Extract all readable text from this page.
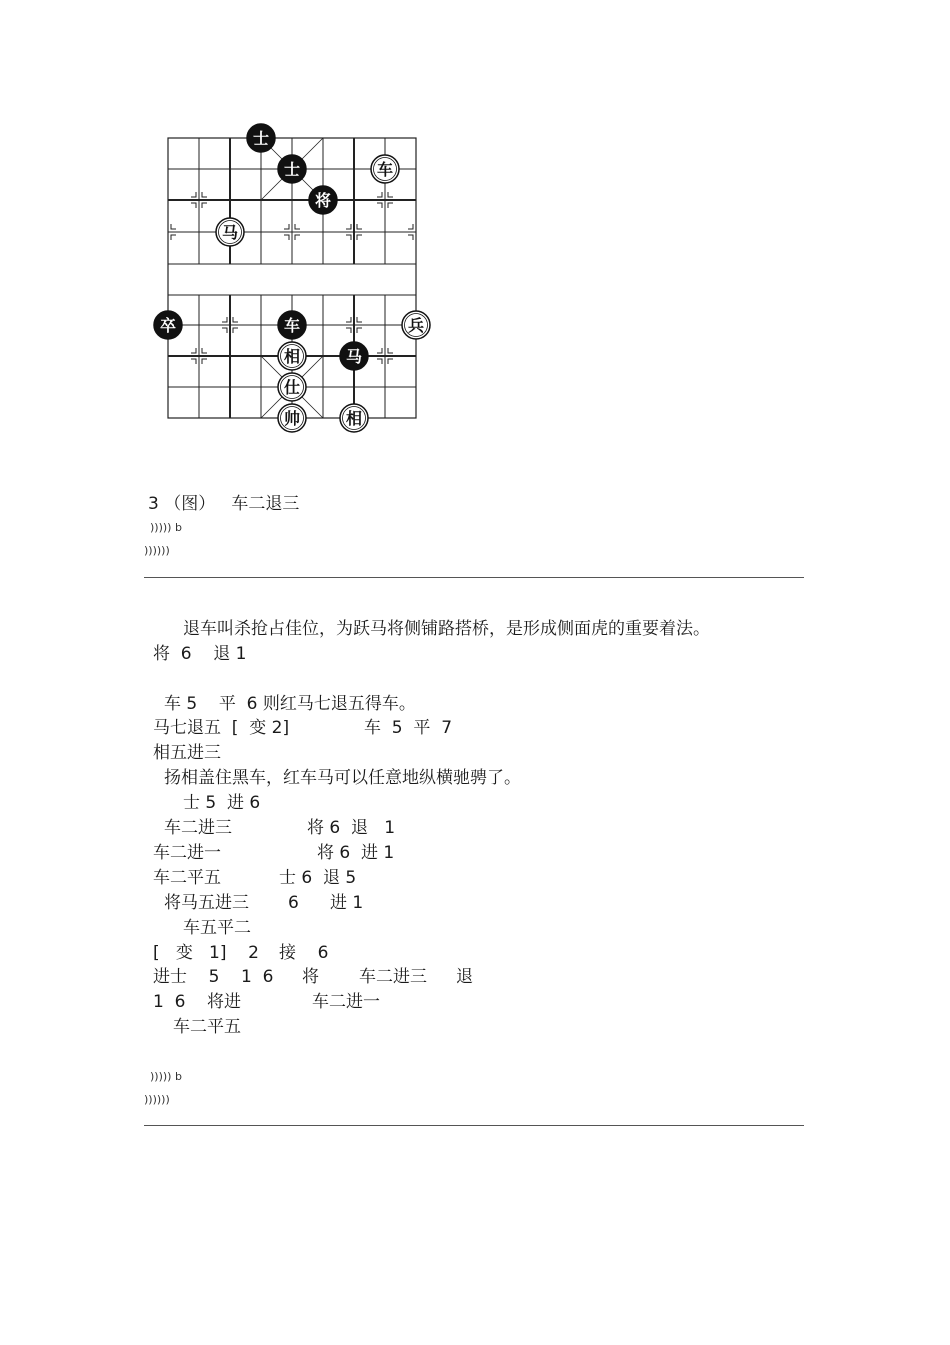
士
士	车
将
马
卒	车	兵
相	马
仕
帅	相
3 （图）   车二退三
))))) b
))))))
退车叫杀抢占佳位，为跃马将侧铺路搭桥，是形成侧面虎的重要着法。
将  6    退 1
车 5    平  6 则红马七退五得车。
马七退五  [  变 2]	车  5  平  7
相五进三
扬相盖住黑车，红车马可以任意地纵横驰骋了。
士 5  进 6
车二进三	将 6  退   1
车二进一	将 6  进 1
车二平五	士 6  退 5
将马五进三 6 进 1
车五平二
[   变   1]    2 接    6
进士    5    1  6 将 车二进三 退
1  6 将进	车二进一
车二平五
))))) b
))))))
